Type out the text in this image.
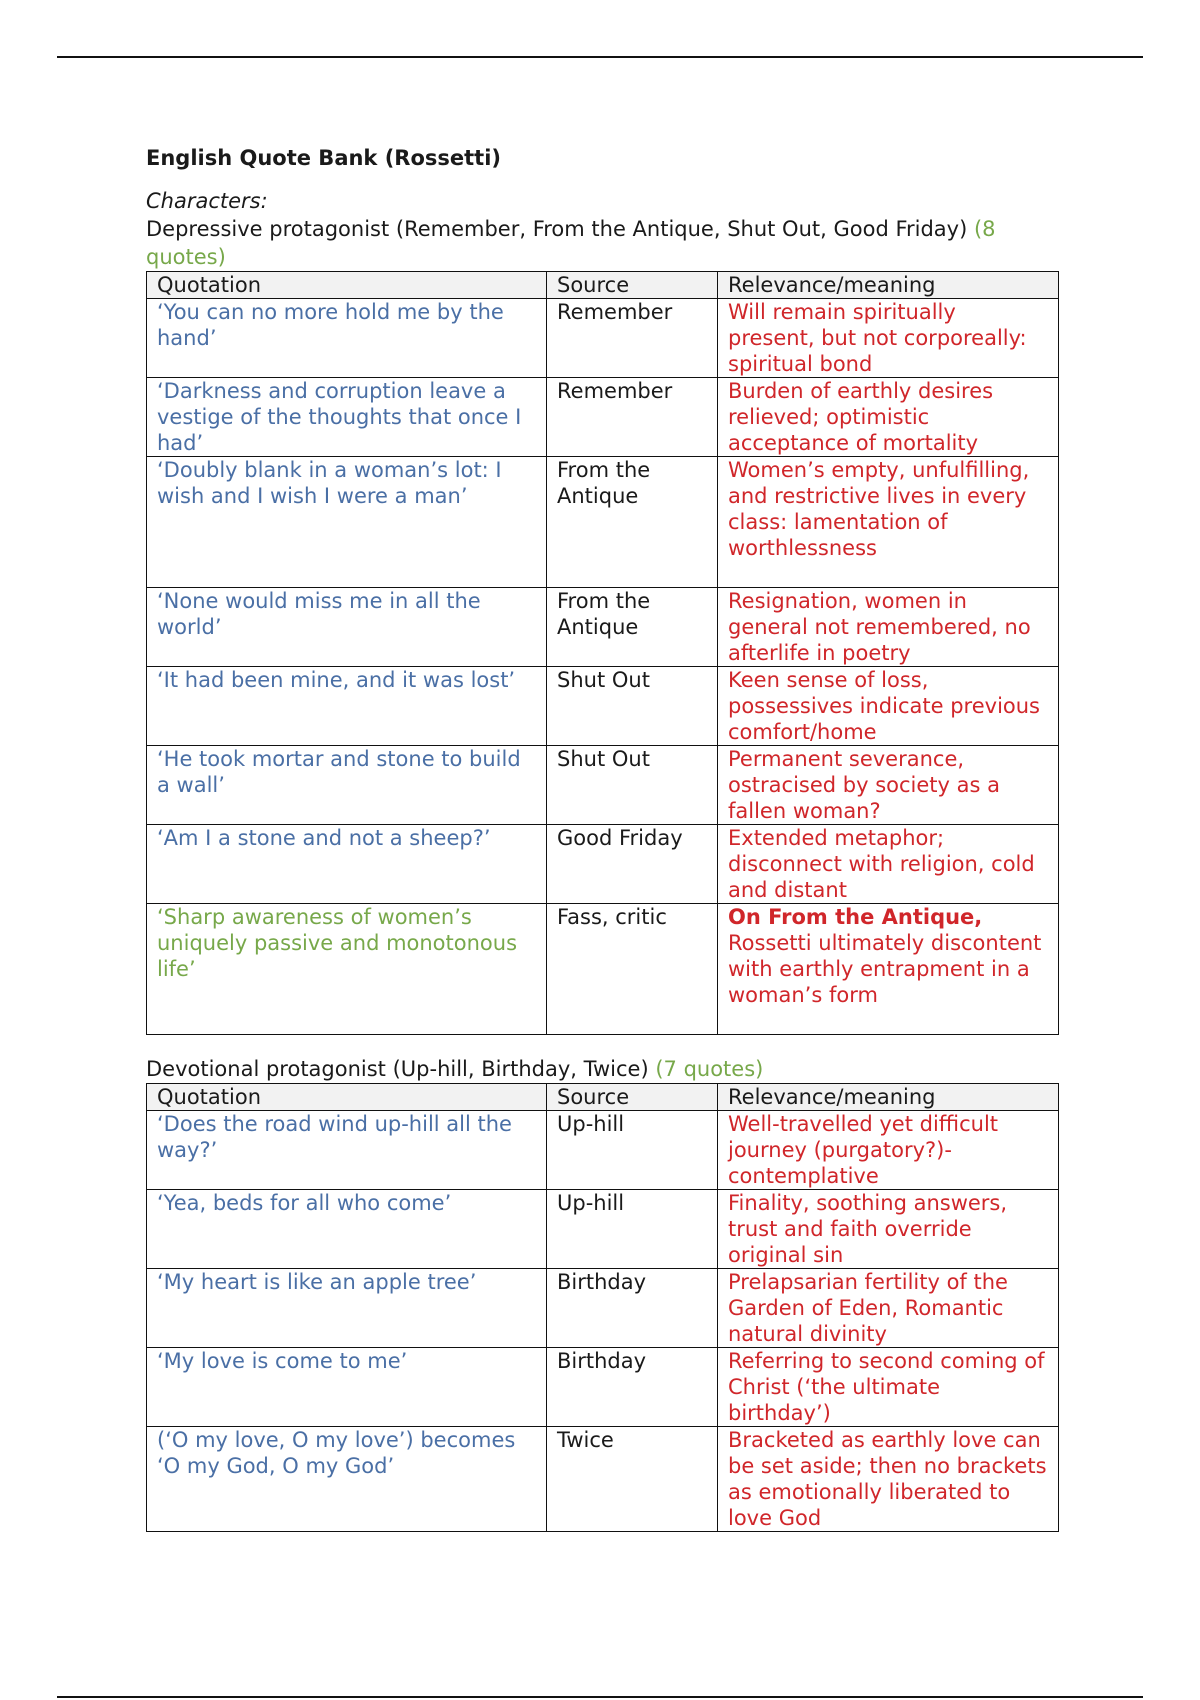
English Quote Bank (Rossetti)

Characters:

Depressive protagonist (Remember, From the Antique, Shut Out, Good Friday) (8 quotes)

Quotation	Source	Relevance/meaning
‘You can no more hold me by the hand’	Remember	Will remain spiritually present, but not corporeally: spiritual bond
‘Darkness and corruption leave a vestige of the thoughts that once I had’	Remember	Burden of earthly desires relieved; optimistic acceptance of mortality
‘Doubly blank in a woman’s lot: I wish and I wish I were a man’	From the Antique	Women’s empty, unfulfilling, and restrictive lives in every class: lamentation of worthlessness
‘None would miss me in all the world’	From the Antique	Resignation, women in general not remembered, no afterlife in poetry
‘It had been mine, and it was lost’	Shut Out	Keen sense of loss, possessives indicate previous comfort/home
‘He took mortar and stone to build a wall’	Shut Out	Permanent severance, ostracised by society as a fallen woman?
‘Am I a stone and not a sheep?’	Good Friday	Extended metaphor; disconnect with religion, cold and distant
‘Sharp awareness of women’s uniquely passive and monotonous life’	Fass, critic	On From the Antique, Rossetti ultimately discontent with earthly entrapment in a woman’s form

Devotional protagonist (Up-hill, Birthday, Twice) (7 quotes)

Quotation	Source	Relevance/meaning
‘Does the road wind up-hill all the way?’	Up-hill	Well-travelled yet difficult journey (purgatory?)- contemplative
‘Yea, beds for all who come’	Up-hill	Finality, soothing answers, trust and faith override original sin
‘My heart is like an apple tree’	Birthday	Prelapsarian fertility of the Garden of Eden, Romantic natural divinity
‘My love is come to me’	Birthday	Referring to second coming of Christ (‘the ultimate birthday’)
(‘O my love, O my love’) becomes ‘O my God, O my God’	Twice	Bracketed as earthly love can be set aside; then no brackets as emotionally liberated to love God
